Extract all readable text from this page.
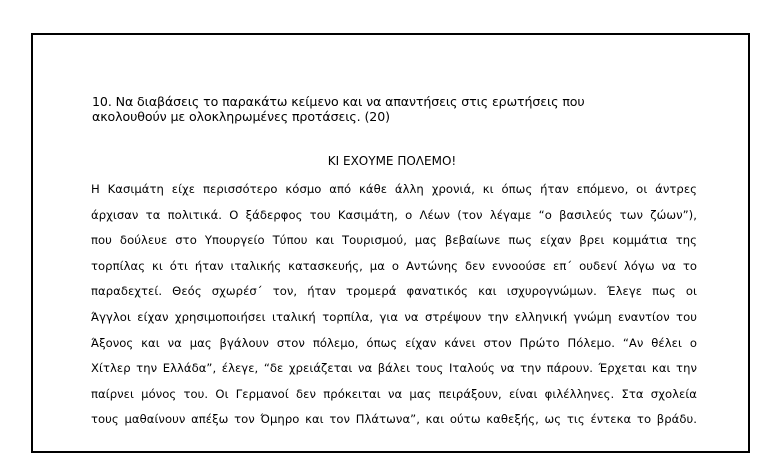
10. Να διαβάσεις το παρακάτω κείμενο και να απαντήσεις στις ερωτήσεις που
ακολουθούν με ολοκληρωμένες προτάσεις. (20)
ΚΙ ΕΧΟΥΜΕ ΠΟΛΕΜΟ!
Η Κασιμάτη είχε περισσότερο κόσμο από κάθε άλλη χρονιά, κι όπως ήταν επόμενο, οι άντρες
άρχισαν τα πολιτικά. Ο ξάδερφος του Κασιμάτη, ο Λέων (τον λέγαμε “ο βασιλεύς των ζώων”),
που δούλευε στο Υπουργείο Τύπου και Τουρισμού, μας βεβαίωνε πως είχαν βρει κομμάτια της
τορπίλας κι ότι ήταν ιταλικής κατασκευής, μα ο Αντώνης δεν εννοούσε επ΄ ουδενί λόγω να το
παραδεχτεί. Θεός σχωρέσ΄ τον, ήταν τρομερά φανατικός και ισχυρογνώμων. Έλεγε πως οι
Άγγλοι είχαν χρησιμοποιήσει ιταλική τορπίλα, για να στρέψουν την ελληνική γνώμη εναντίον του
Άξονος και να μας βγάλουν στον πόλεμο, όπως είχαν κάνει στον Πρώτο Πόλεμο. “Αν θέλει ο
Χίτλερ την Ελλάδα”, έλεγε, “δε χρειάζεται να βάλει τους Ιταλούς να την πάρουν. Έρχεται και την
παίρνει μόνος του. Οι Γερμανοί δεν πρόκειται να μας πειράξουν, είναι φιλέλληνες. Στα σχολεία
τους μαθαίνουν απέξω τον Όμηρο και τον Πλάτωνα”, και ούτω καθεξής, ως τις έντεκα το βράδυ.
